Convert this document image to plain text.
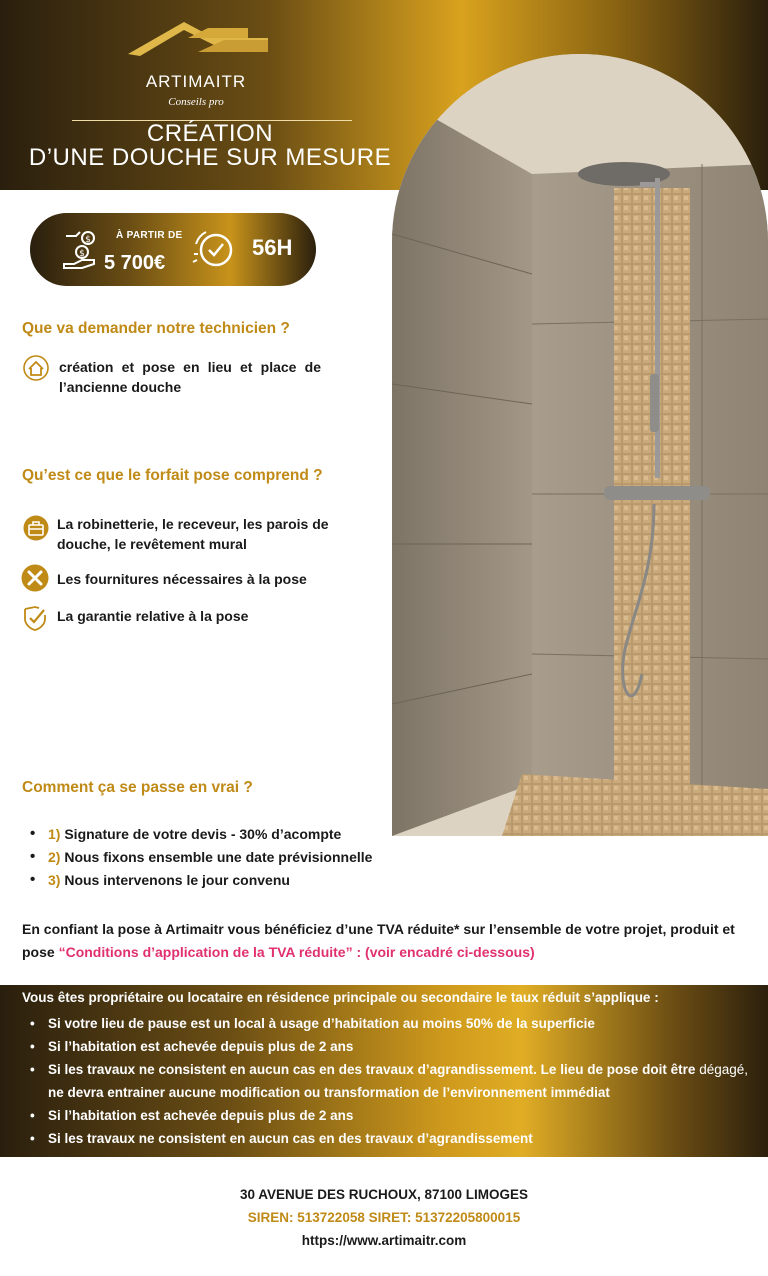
ARTIMAITR
Conseils pro
CRÉATION
D’UNE DOUCHE SUR MESURE
$
$
À PARTIR DE
5 700€
56H
Que va demander notre technicien ?
création et pose en lieu et place de l’ancienne douche
Qu’est ce que le forfait pose comprend ?
La robinetterie, le receveur, les parois de douche, le revêtement mural
Les fournitures nécessaires à la pose
La garantie relative à la pose
Comment ça se passe en vrai ?
• 1) Signature de votre devis - 30% d’acompte
• 2) Nous fixons ensemble une date prévisionnelle
• 3) Nous intervenons le jour convenu
En confiant la pose à Artimaitr vous bénéficiez d’une TVA réduite* sur l’ensemble de votre projet, produit et pose “Conditions d’application de la TVA réduite” : (voir encadré ci-dessous)
Vous êtes propriétaire ou locataire en résidence principale ou secondaire le taux réduit s’applique :
• Si votre lieu de pause est un local à usage d’habitation au moins 50% de la superficie
• Si l’habitation est achevée depuis plus de 2 ans
• Si les travaux ne consistent en aucun cas en des travaux d’agrandissement. Le lieu de pose doit être dégagé, ne devra entrainer aucune modification ou transformation de l’environnement immédiat
• Si l’habitation est achevée depuis plus de 2 ans
• Si les travaux ne consistent en aucun cas en des travaux d’agrandissement
30 AVENUE DES RUCHOUX, 87100 LIMOGES
SIREN: 513722058 SIRET: 51372205800015
https://www.artimaitr.com
